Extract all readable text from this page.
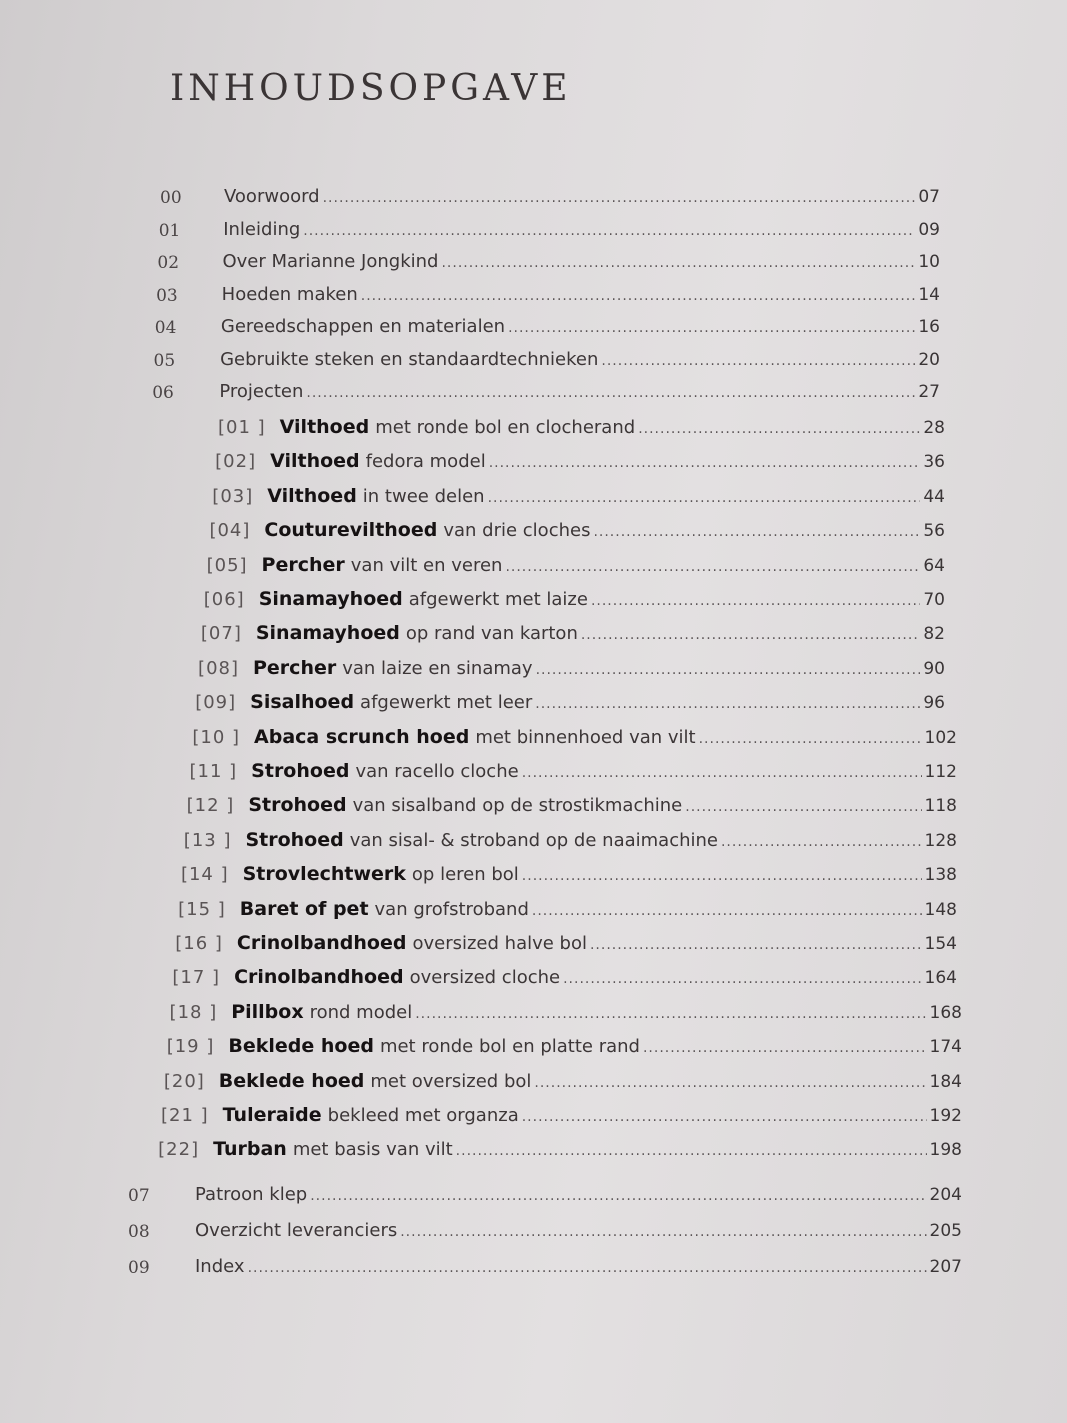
INHOUDSOPGAVE
00 Voorwoord .....	07
01 Inleiding .....	09
02 Over Marianne Jongkind .....	10
03 Hoeden maken .....	14
04 Gereedschappen en materialen .....	16
05 Gebruikte steken en standaardtechnieken .....	20
06	Projecten .....	27
[01 ] Vilthoed met ronde bol en clocherand .....	28
[02] Vilthoed fedora model .....	36
[03] Vilthoed in twee delen .....	44
[04] Couturevilthoed van drie cloches .....	56
[05] Percher van vilt en veren .....	64
[06] Sinamayhoed afgewerkt met laize .....	70
[07] Sinamayhoed op rand van karton .....	82
[08] Percher van laize en sinamay .....	90
[09] Sisalhoed afgewerkt met leer .....	96
[10 ] Abaca scrunch hoed met binnenhoed van vilt .....	102
[11 ] Strohoed van racello cloche .....	112
[12 ] Strohoed van sisalband op de strostikmachine .....	118
[13 ] Strohoed van sisal- & stroband op de naaimachine .....	128
[14 ] Strovlechtwerk op leren bol .....	138
[15 ] Baret of pet van grofstroband .....	148
[16 ] Crinolbandhoed oversized halve bol .....	154
[17 ] Crinolbandhoed oversized cloche .....	164
[18 ] Pillbox rond model .....	168
[19 ] Beklede hoed met ronde bol en platte rand .....	174
[20] Beklede hoed met oversized bol .....	184
[21 ] Tuleraide bekleed met organza .....	192
[22] Turban met basis van vilt .....	198
07	Patroon klep .....	204
08	Overzicht leveranciers .....	205
09	Index .....	207
